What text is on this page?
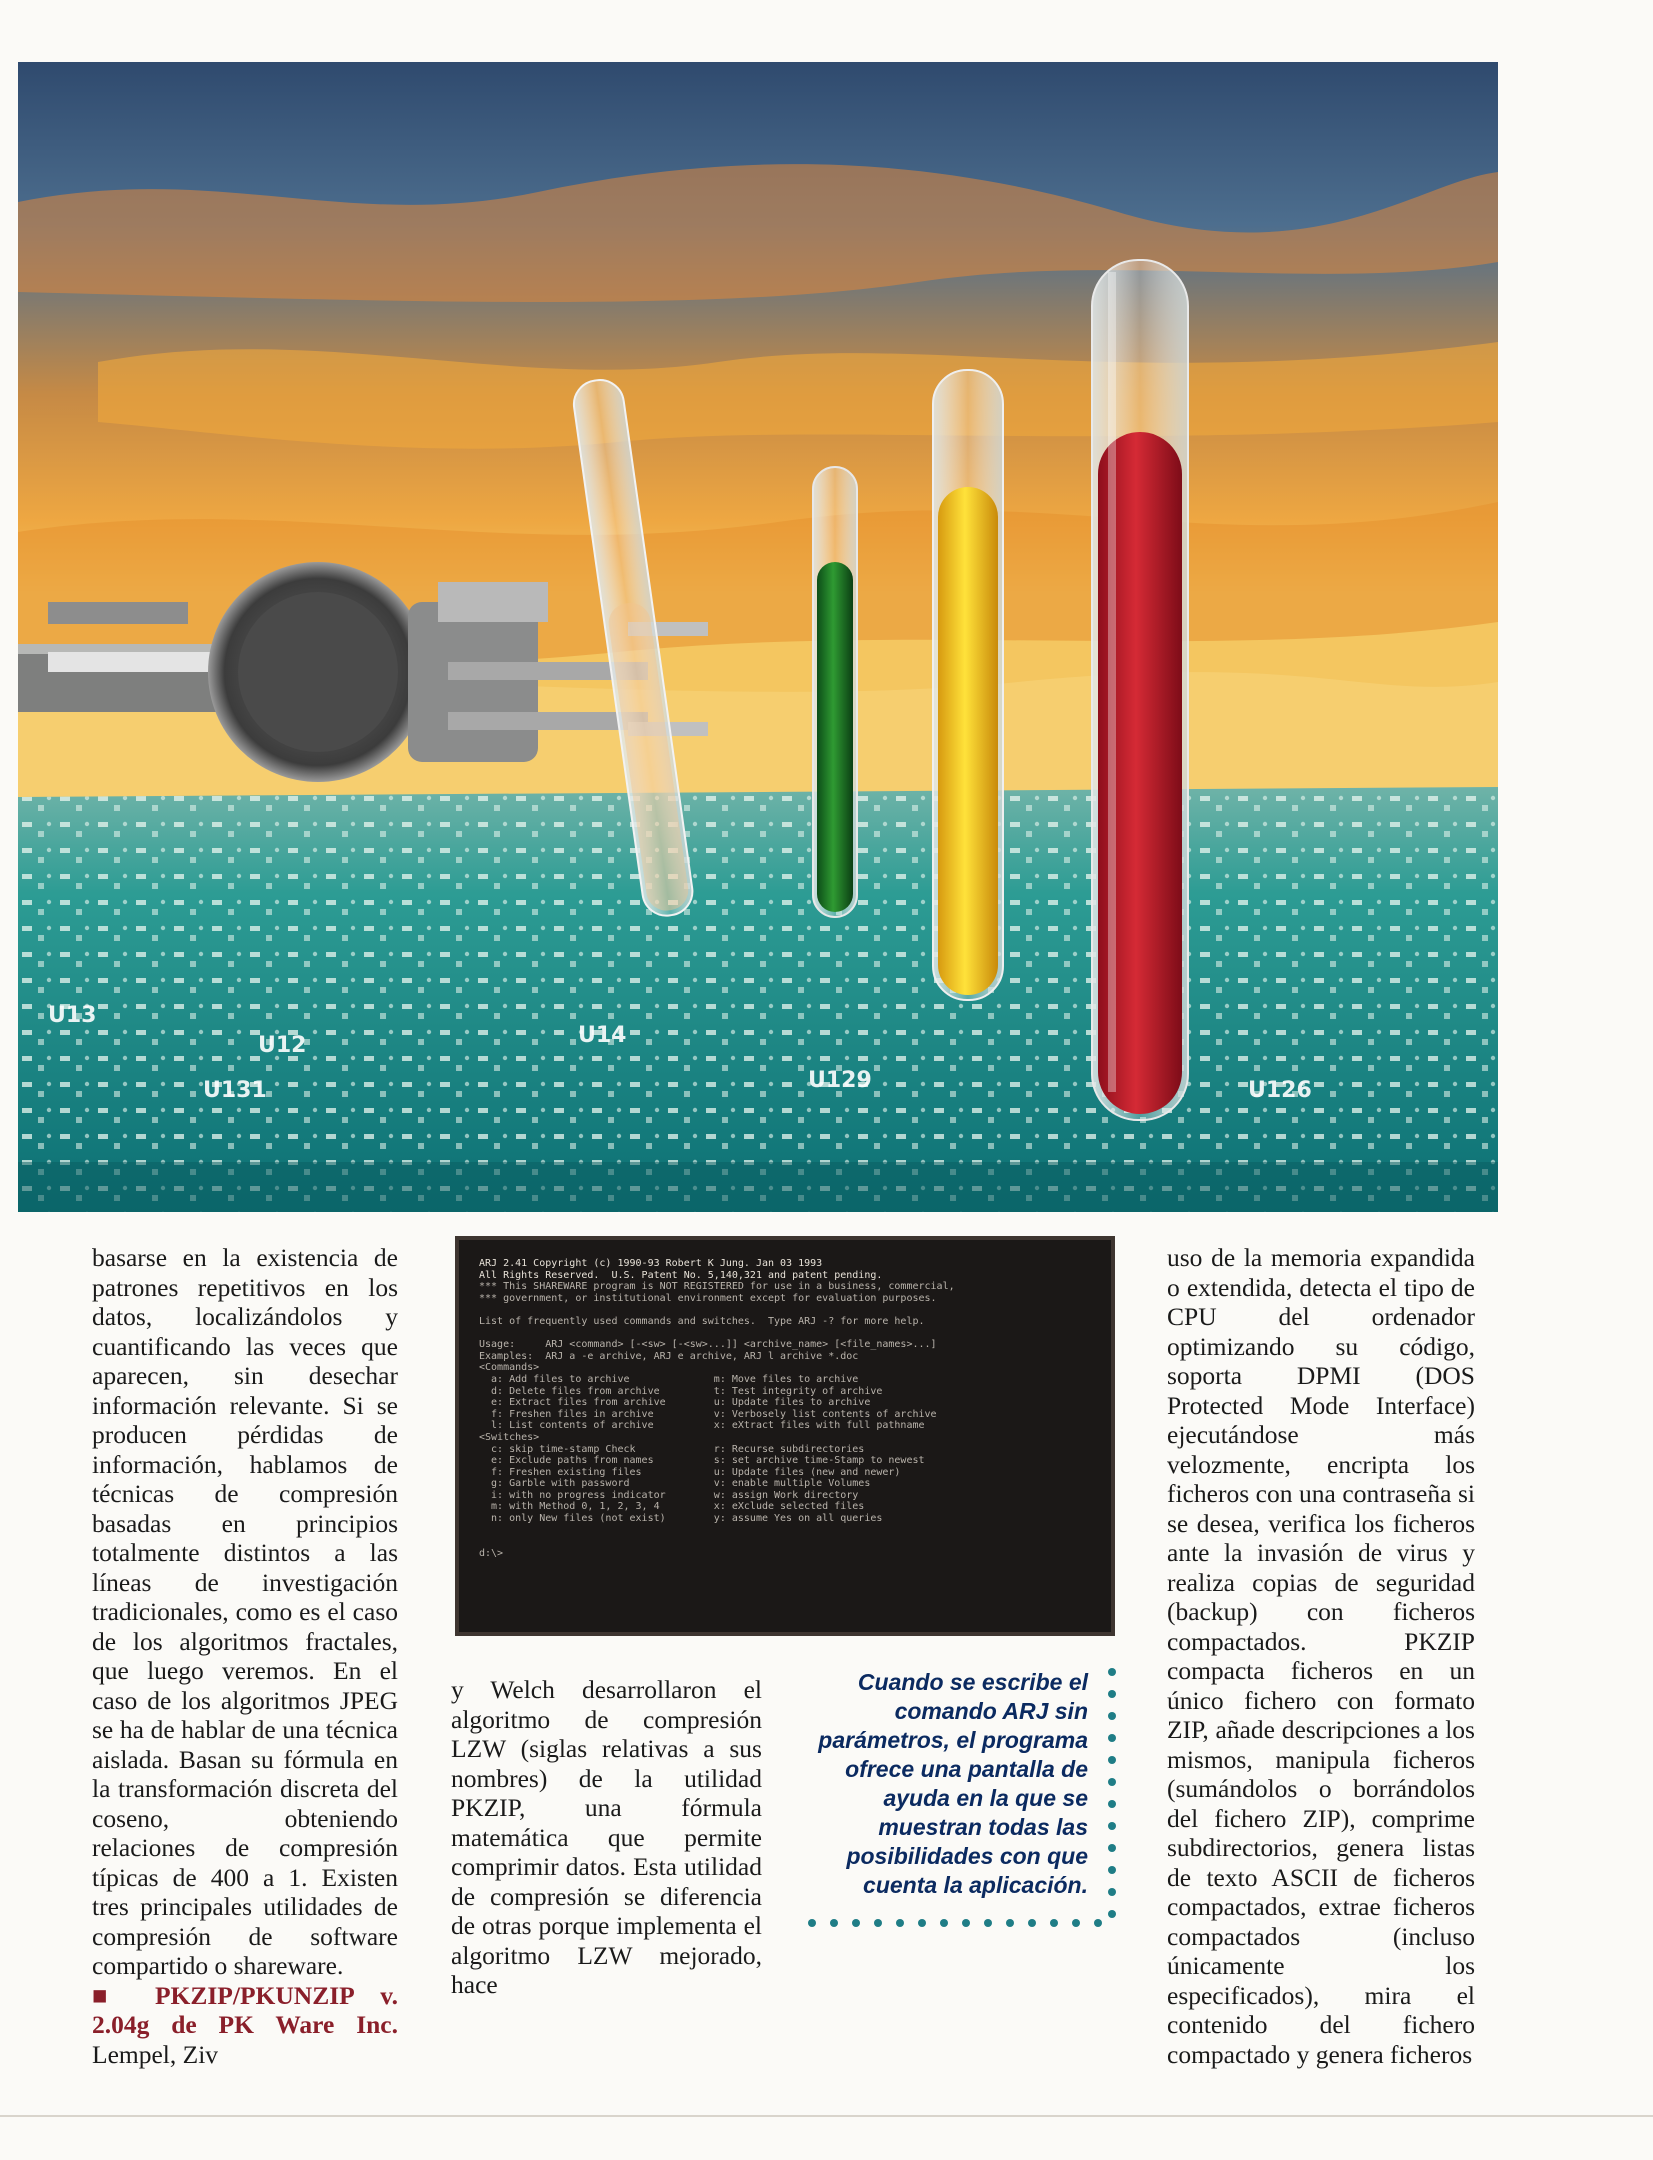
U131	U129	U126
U14
U12
U13

basarse en la existencia de patrones repetitivos en los datos, localizándolos y cuantificando las veces que aparecen, sin desechar información relevante. Si se producen pérdidas de información, hablamos de técnicas de compresión basadas en principios totalmente distintos a las líneas de investigación tradicionales, como es el caso de los algoritmos fractales, que luego veremos. En el caso de los algoritmos JPEG se ha de hablar de una técnica aislada. Basan su fórmula en la transformación discreta del coseno, obteniendo relaciones de compresión típicas de 400 a 1. Existen tres principales utilidades de compresión de software compartido o shareware.
■ PKZIP/PKUNZIP v. 2.04g de PK Ware Inc. Lempel, Ziv

ARJ 2.41 Copyright (c) 1990-93 Robert K Jung. Jan 03 1993
All Rights Reserved.  U.S. Patent No. 5,140,321 and patent pending.
*** This SHAREWARE program is NOT REGISTERED for use in a business, commercial,
*** government, or institutional environment except for evaluation purposes.
List of frequently used commands and switches.  Type ARJ -? for more help.
Usage:     ARJ <command> [-<sw> [-<sw>...]] <archive_name> [<file_names>...]
Examples:  ARJ a -e archive, ARJ e archive, ARJ l archive *.doc
<Commands>
a: Add files to archive              m: Move files to archive
d: Delete files from archive         t: Test integrity of archive
e: Extract files from archive        u: Update files to archive
f: Freshen files in archive          v: Verbosely list contents of archive
l: List contents of archive          x: eXtract files with full pathname
<Switches>
c: skip time-stamp Check             r: Recurse subdirectories
e: Exclude paths from names          s: set archive time-Stamp to newest
f: Freshen existing files            u: Update files (new and newer)
g: Garble with password              v: enable multiple Volumes
i: with no progress indicator        w: assign Work directory
m: with Method 0, 1, 2, 3, 4         x: eXclude selected files
n: only New files (not exist)        y: assume Yes on all queries
d:\>

y Welch desarrollaron el algoritmo de compresión LZW (siglas relativas a sus nombres) de la utilidad PKZIP, una fórmula matemática que permite comprimir datos. Esta utilidad de compresión se diferencia de otras porque implementa el algoritmo LZW mejorado, hace

Cuando se escribe el comando ARJ sin parámetros, el programa ofrece una pantalla de ayuda en la que se muestran todas las posibilidades con que cuenta la aplicación.

uso de la memoria expandida o extendida, detecta el tipo de CPU del ordenador optimizando su código, soporta DPMI (DOS Protected Mode Interface) ejecutándose más velozmente, encripta los ficheros con una contraseña si se desea, verifica los ficheros ante la invasión de virus y realiza copias de seguridad (backup) con ficheros compactados. PKZIP compacta ficheros en un único fichero con formato ZIP, añade descripciones a los mismos, manipula ficheros (sumándolos o borrándolos del fichero ZIP), comprime subdirectorios, genera listas de texto ASCII de ficheros compactados, extrae ficheros compactados (incluso únicamente los especificados), mira el contenido del fichero compactado y genera ficheros
